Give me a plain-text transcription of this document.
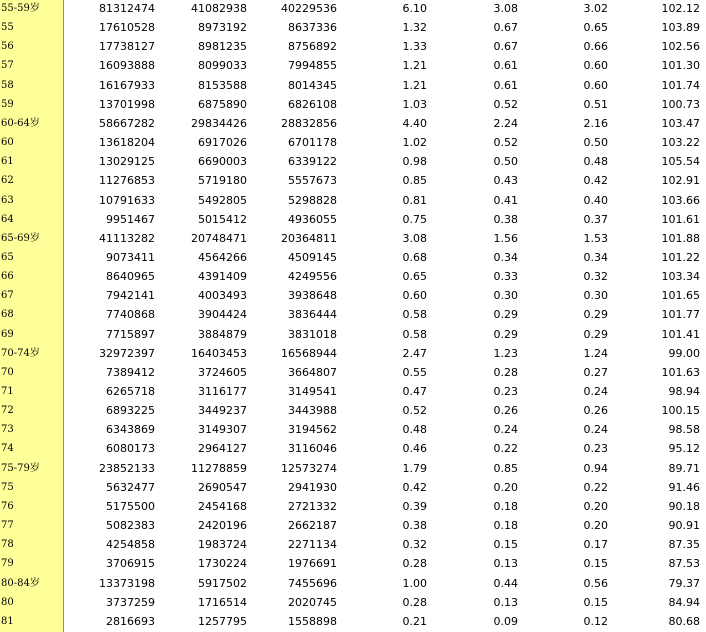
55-59岁	81312474	41082938	40229536	6.10	3.08	3.02	102.12
55	17610528	8973192	8637336	1.32	0.67	0.65	103.89
56	17738127	8981235	8756892	1.33	0.67	0.66	102.56
57	16093888	8099033	7994855	1.21	0.61	0.60	101.30
58	16167933	8153588	8014345	1.21	0.61	0.60	101.74
59	13701998	6875890	6826108	1.03	0.52	0.51	100.73
60-64岁	58667282	29834426	28832856	4.40	2.24	2.16	103.47
60	13618204	6917026	6701178	1.02	0.52	0.50	103.22
61	13029125	6690003	6339122	0.98	0.50	0.48	105.54
62	11276853	5719180	5557673	0.85	0.43	0.42	102.91
63	10791633	5492805	5298828	0.81	0.41	0.40	103.66
64	9951467	5015412	4936055	0.75	0.38	0.37	101.61
65-69岁	41113282	20748471	20364811	3.08	1.56	1.53	101.88
65	9073411	4564266	4509145	0.68	0.34	0.34	101.22
66	8640965	4391409	4249556	0.65	0.33	0.32	103.34
67	7942141	4003493	3938648	0.60	0.30	0.30	101.65
68	7740868	3904424	3836444	0.58	0.29	0.29	101.77
69	7715897	3884879	3831018	0.58	0.29	0.29	101.41
70-74岁	32972397	16403453	16568944	2.47	1.23	1.24	99.00
70	7389412	3724605	3664807	0.55	0.28	0.27	101.63
71	6265718	3116177	3149541	0.47	0.23	0.24	98.94
72	6893225	3449237	3443988	0.52	0.26	0.26	100.15
73	6343869	3149307	3194562	0.48	0.24	0.24	98.58
74	6080173	2964127	3116046	0.46	0.22	0.23	95.12
75-79岁	23852133	11278859	12573274	1.79	0.85	0.94	89.71
75	5632477	2690547	2941930	0.42	0.20	0.22	91.46
76	5175500	2454168	2721332	0.39	0.18	0.20	90.18
77	5082383	2420196	2662187	0.38	0.18	0.20	90.91
78	4254858	1983724	2271134	0.32	0.15	0.17	87.35
79	3706915	1730224	1976691	0.28	0.13	0.15	87.53
80-84岁	13373198	5917502	7455696	1.00	0.44	0.56	79.37
80	3737259	1716514	2020745	0.28	0.13	0.15	84.94
81	2816693	1257795	1558898	0.21	0.09	0.12	80.68
